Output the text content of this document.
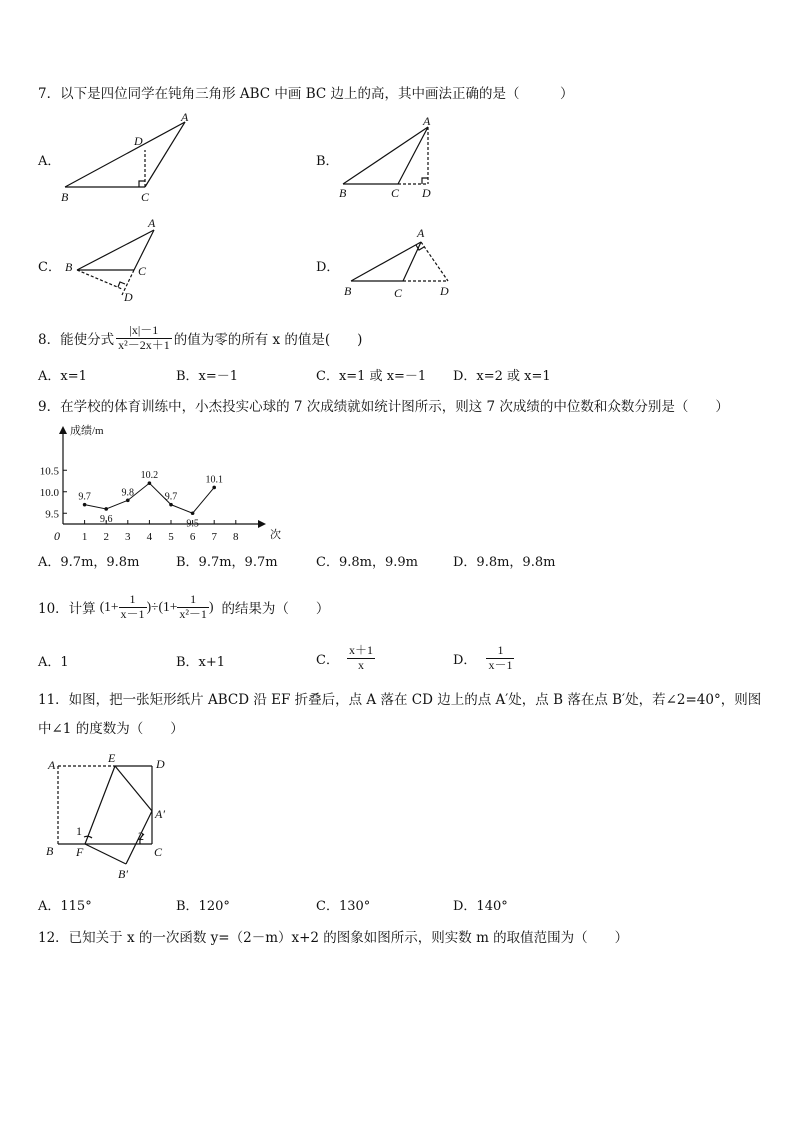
7．以下是四位同学在钝角三角形 ABC 中画 BC 边上的高，其中画法正确的是（　　　）
A．
A
D
B	C
B．
A
B	C D
C．
A
B	C
D
D．
A
B	C	D
8．能使分式 $\frac{|x|-1}{\text{x²－2x＋1}}$ 的值为零的所有 x 的值是(　　)
A．x=1	B．x=－1	C．x=1 或 x=－1 D．x=2 或 x=1
9．在学校的体育训练中，小杰投实心球的 7 次成绩就如统计图所示，则这 7 次成绩的中位数和众数分别是（　　）
成绩/m
次
0 1 2 3 4 5 6 7 8
9.5
10.0
10.5
9.7
9.6
9.8
10.2
9.7
9.5
10.1
A．9.7m，9.8m	B．9.7m，9.7m	C．9.8m，9.9m	D．9.8m，9.8m
10．计算 $(1+ \frac{1}{x-1} )\div(1+ \frac{1}{\text{x²－1}}$ ) 的结果为（　　）
A．1	B．x+1	C． $\frac{x+1}{x}$	D． $\frac{1}{x-1}$
11．如图，把一张矩形纸片 ABCD 沿 EF 折叠后，点 A 落在 CD 边上的点 A′处，点 B 落在点 B′处，若∠2=40°，则图
中∠1 的度数为（　　）
A	E	D
A′
B F	C
B′
1	2
A．115°	B．120°	C．130°	D．140°
12．已知关于 x 的一次函数 y=（2－m）x+2 的图象如图所示，则实数 m 的取值范围为（　　）
